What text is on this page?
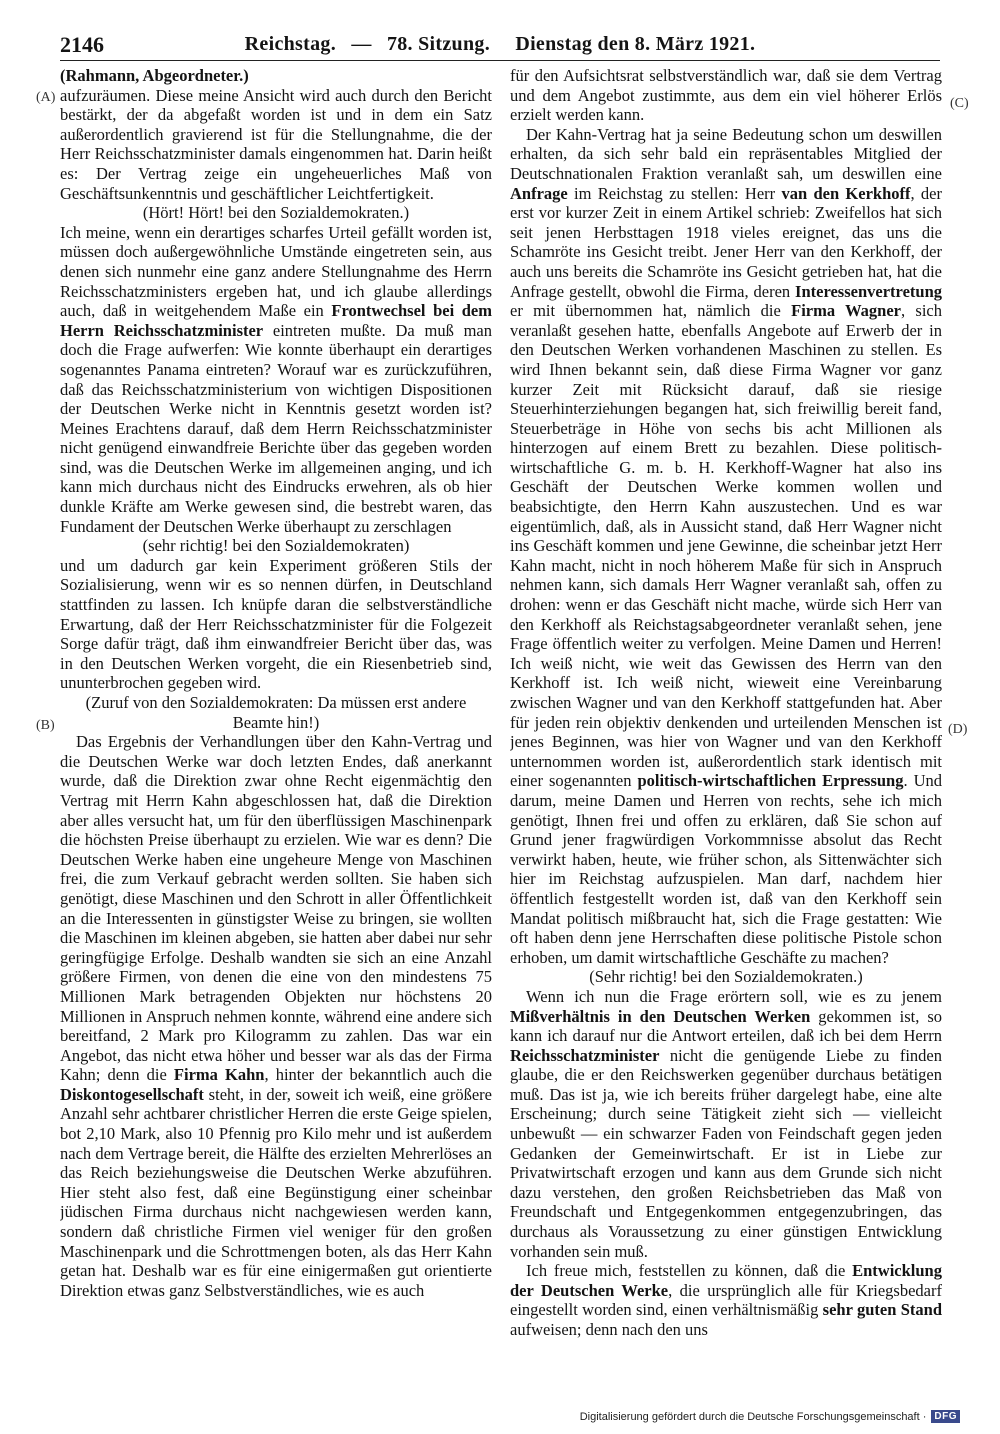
2146	Reichstag. — 78. Sitzung. Dienstag den 8. März 1921.
(A)
(B)
(C)
(D)

(Rahmann, Abgeordneter.)

aufzuräumen. Diese meine Ansicht wird auch durch den Bericht bestärkt, der da abgefaßt worden ist und in dem ein Satz außerordentlich gravierend ist für die Stellungnahme, die der Herr Reichsschatzminister damals eingenommen hat. Darin heißt es: Der Vertrag zeige ein ungeheuerliches Maß von Geschäftsunkenntnis und geschäftlicher Leichtfertigkeit.

(Hört! Hört! bei den Sozialdemokraten.)

Ich meine, wenn ein derartiges scharfes Urteil gefällt worden ist, müssen doch außergewöhnliche Umstände eingetreten sein, aus denen sich nunmehr eine ganz andere Stellungnahme des Herrn Reichsschatzministers ergeben hat, und ich glaube allerdings auch, daß in weitgehendem Maße ein Frontwechsel bei dem Herrn Reichsschatzminister eintreten mußte. Da muß man doch die Frage aufwerfen: Wie konnte überhaupt ein derartiges sogenanntes Panama eintreten? Worauf war es zurückzuführen, daß das Reichsschatzministerium von wichtigen Dispositionen der Deutschen Werke nicht in Kenntnis gesetzt worden ist? Meines Erachtens darauf, daß dem Herrn Reichsschatzminister nicht genügend einwandfreie Berichte über das gegeben worden sind, was die Deutschen Werke im allgemeinen anging, und ich kann mich durchaus nicht des Eindrucks erwehren, als ob hier dunkle Kräfte am Werke gewesen sind, die bestrebt waren, das Fundament der Deutschen Werke überhaupt zu zerschlagen

(sehr richtig! bei den Sozialdemokraten)

und um dadurch gar kein Experiment größeren Stils der Sozialisierung, wenn wir es so nennen dürfen, in Deutschland stattfinden zu lassen. Ich knüpfe daran die selbstverständliche Erwartung, daß der Herr Reichsschatzminister für die Folgezeit Sorge dafür trägt, daß ihm einwandfreier Bericht über das, was in den Deutschen Werken vorgeht, die ein Riesenbetrieb sind, ununterbrochen gegeben wird.

(Zuruf von den Sozialdemokraten: Da müssen erst andere Beamte hin!)

Das Ergebnis der Verhandlungen über den Kahn-Vertrag und die Deutschen Werke war doch letzten Endes, daß anerkannt wurde, daß die Direktion zwar ohne Recht eigenmächtig den Vertrag mit Herrn Kahn abgeschlossen hat, daß die Direktion aber alles versucht hat, um für den überflüssigen Maschinenpark die höchsten Preise überhaupt zu erzielen. Wie war es denn? Die Deutschen Werke haben eine ungeheure Menge von Maschinen frei, die zum Verkauf gebracht werden sollten. Sie haben sich genötigt, diese Maschinen und den Schrott in aller Öffentlichkeit an die Interessenten in günstigster Weise zu bringen, sie wollten die Maschinen im kleinen abgeben, sie hatten aber dabei nur sehr geringfügige Erfolge. Deshalb wandten sie sich an eine Anzahl größere Firmen, von denen die eine von den mindestens 75 Millionen Mark betragenden Objekten nur höchstens 20 Millionen in Anspruch nehmen konnte, während eine andere sich bereitfand, 2 Mark pro Kilogramm zu zahlen. Das war ein Angebot, das nicht etwa höher und besser war als das der Firma Kahn; denn die Firma Kahn, hinter der bekanntlich auch die Diskontogesellschaft steht, in der, soweit ich weiß, eine größere Anzahl sehr achtbarer christlicher Herren die erste Geige spielen, bot 2,10 Mark, also 10 Pfennig pro Kilo mehr und ist außerdem nach dem Vertrage bereit, die Hälfte des erzielten Mehrerlöses an das Reich beziehungsweise die Deutschen Werke abzuführen. Hier steht also fest, daß eine Begünstigung einer scheinbar jüdischen Firma durchaus nicht nachgewiesen werden kann, sondern daß christliche Firmen viel weniger für den großen Maschinenpark und die Schrottmengen boten, als das Herr Kahn getan hat. Deshalb war es für eine einigermaßen gut orientierte Direktion etwas ganz Selbstverständliches, wie es auch

für den Aufsichtsrat selbstverständlich war, daß sie dem Vertrag und dem Angebot zustimmte, aus dem ein viel höherer Erlös erzielt werden kann.

Der Kahn-Vertrag hat ja seine Bedeutung schon um deswillen erhalten, da sich sehr bald ein repräsentables Mitglied der Deutschnationalen Fraktion veranlaßt sah, um deswillen eine Anfrage im Reichstag zu stellen: Herr van den Kerkhoff, der erst vor kurzer Zeit in einem Artikel schrieb: Zweifellos hat sich seit jenen Herbsttagen 1918 vieles ereignet, das uns die Schamröte ins Gesicht treibt. Jener Herr van den Kerkhoff, der auch uns bereits die Schamröte ins Gesicht getrieben hat, hat die Anfrage gestellt, obwohl die Firma, deren Interessenvertretung er mit übernommen hat, nämlich die Firma Wagner, sich veranlaßt gesehen hatte, ebenfalls Angebote auf Erwerb der in den Deutschen Werken vorhandenen Maschinen zu stellen. Es wird Ihnen bekannt sein, daß diese Firma Wagner vor ganz kurzer Zeit mit Rücksicht darauf, daß sie riesige Steuerhinterziehungen begangen hat, sich freiwillig bereit fand, Steuerbeträge in Höhe von sechs bis acht Millionen als hinterzogen auf einem Brett zu bezahlen. Diese politisch-wirtschaftliche G. m. b. H. Kerkhoff-Wagner hat also ins Geschäft der Deutschen Werke kommen wollen und beabsichtigte, den Herrn Kahn auszustechen. Und es war eigentümlich, daß, als in Aussicht stand, daß Herr Wagner nicht ins Geschäft kommen und jene Gewinne, die scheinbar jetzt Herr Kahn macht, nicht in noch höherem Maße für sich in Anspruch nehmen kann, sich damals Herr Wagner veranlaßt sah, offen zu drohen: wenn er das Geschäft nicht mache, würde sich Herr van den Kerkhoff als Reichstagsabgeordneter veranlaßt sehen, jene Frage öffentlich weiter zu verfolgen. Meine Damen und Herren! Ich weiß nicht, wie weit das Gewissen des Herrn van den Kerkhoff ist. Ich weiß nicht, wieweit eine Vereinbarung zwischen Wagner und van den Kerkhoff stattgefunden hat. Aber für jeden rein objektiv denkenden und urteilenden Menschen ist jenes Beginnen, was hier von Wagner und van den Kerkhoff unternommen worden ist, außerordentlich stark identisch mit einer sogenannten politisch-wirtschaftlichen Erpressung. Und darum, meine Damen und Herren von rechts, sehe ich mich genötigt, Ihnen frei und offen zu erklären, daß Sie schon auf Grund jener fragwürdigen Vorkommnisse absolut das Recht verwirkt haben, heute, wie früher schon, als Sittenwächter sich hier im Reichstag aufzuspielen. Man darf, nachdem hier öffentlich festgestellt worden ist, daß van den Kerkhoff sein Mandat politisch mißbraucht hat, sich die Frage gestatten: Wie oft haben denn jene Herrschaften diese politische Pistole schon erhoben, um damit wirtschaftliche Geschäfte zu machen?

(Sehr richtig! bei den Sozialdemokraten.)

Wenn ich nun die Frage erörtern soll, wie es zu jenem Mißverhältnis in den Deutschen Werken gekommen ist, so kann ich darauf nur die Antwort erteilen, daß ich bei dem Herrn Reichsschatzminister nicht die genügende Liebe zu finden glaube, die er den Reichswerken gegenüber durchaus betätigen muß. Das ist ja, wie ich bereits früher dargelegt habe, eine alte Erscheinung; durch seine Tätigkeit zieht sich — vielleicht unbewußt — ein schwarzer Faden von Feindschaft gegen jeden Gedanken der Gemeinwirtschaft. Er ist in Liebe zur Privatwirtschaft erzogen und kann aus dem Grunde sich nicht dazu verstehen, den großen Reichsbetrieben das Maß von Freundschaft und Entgegenkommen entgegenzubringen, das durchaus als Voraussetzung zu einer günstigen Entwicklung vorhanden sein muß.

Ich freue mich, feststellen zu können, daß die Entwicklung der Deutschen Werke, die ursprünglich alle für Kriegsbedarf eingestellt worden sind, einen verhältnismäßig sehr guten Stand aufweisen; denn nach den uns

Digitalisierung gefördert durch die Deutsche Forschungsgemeinschaft · DFG
